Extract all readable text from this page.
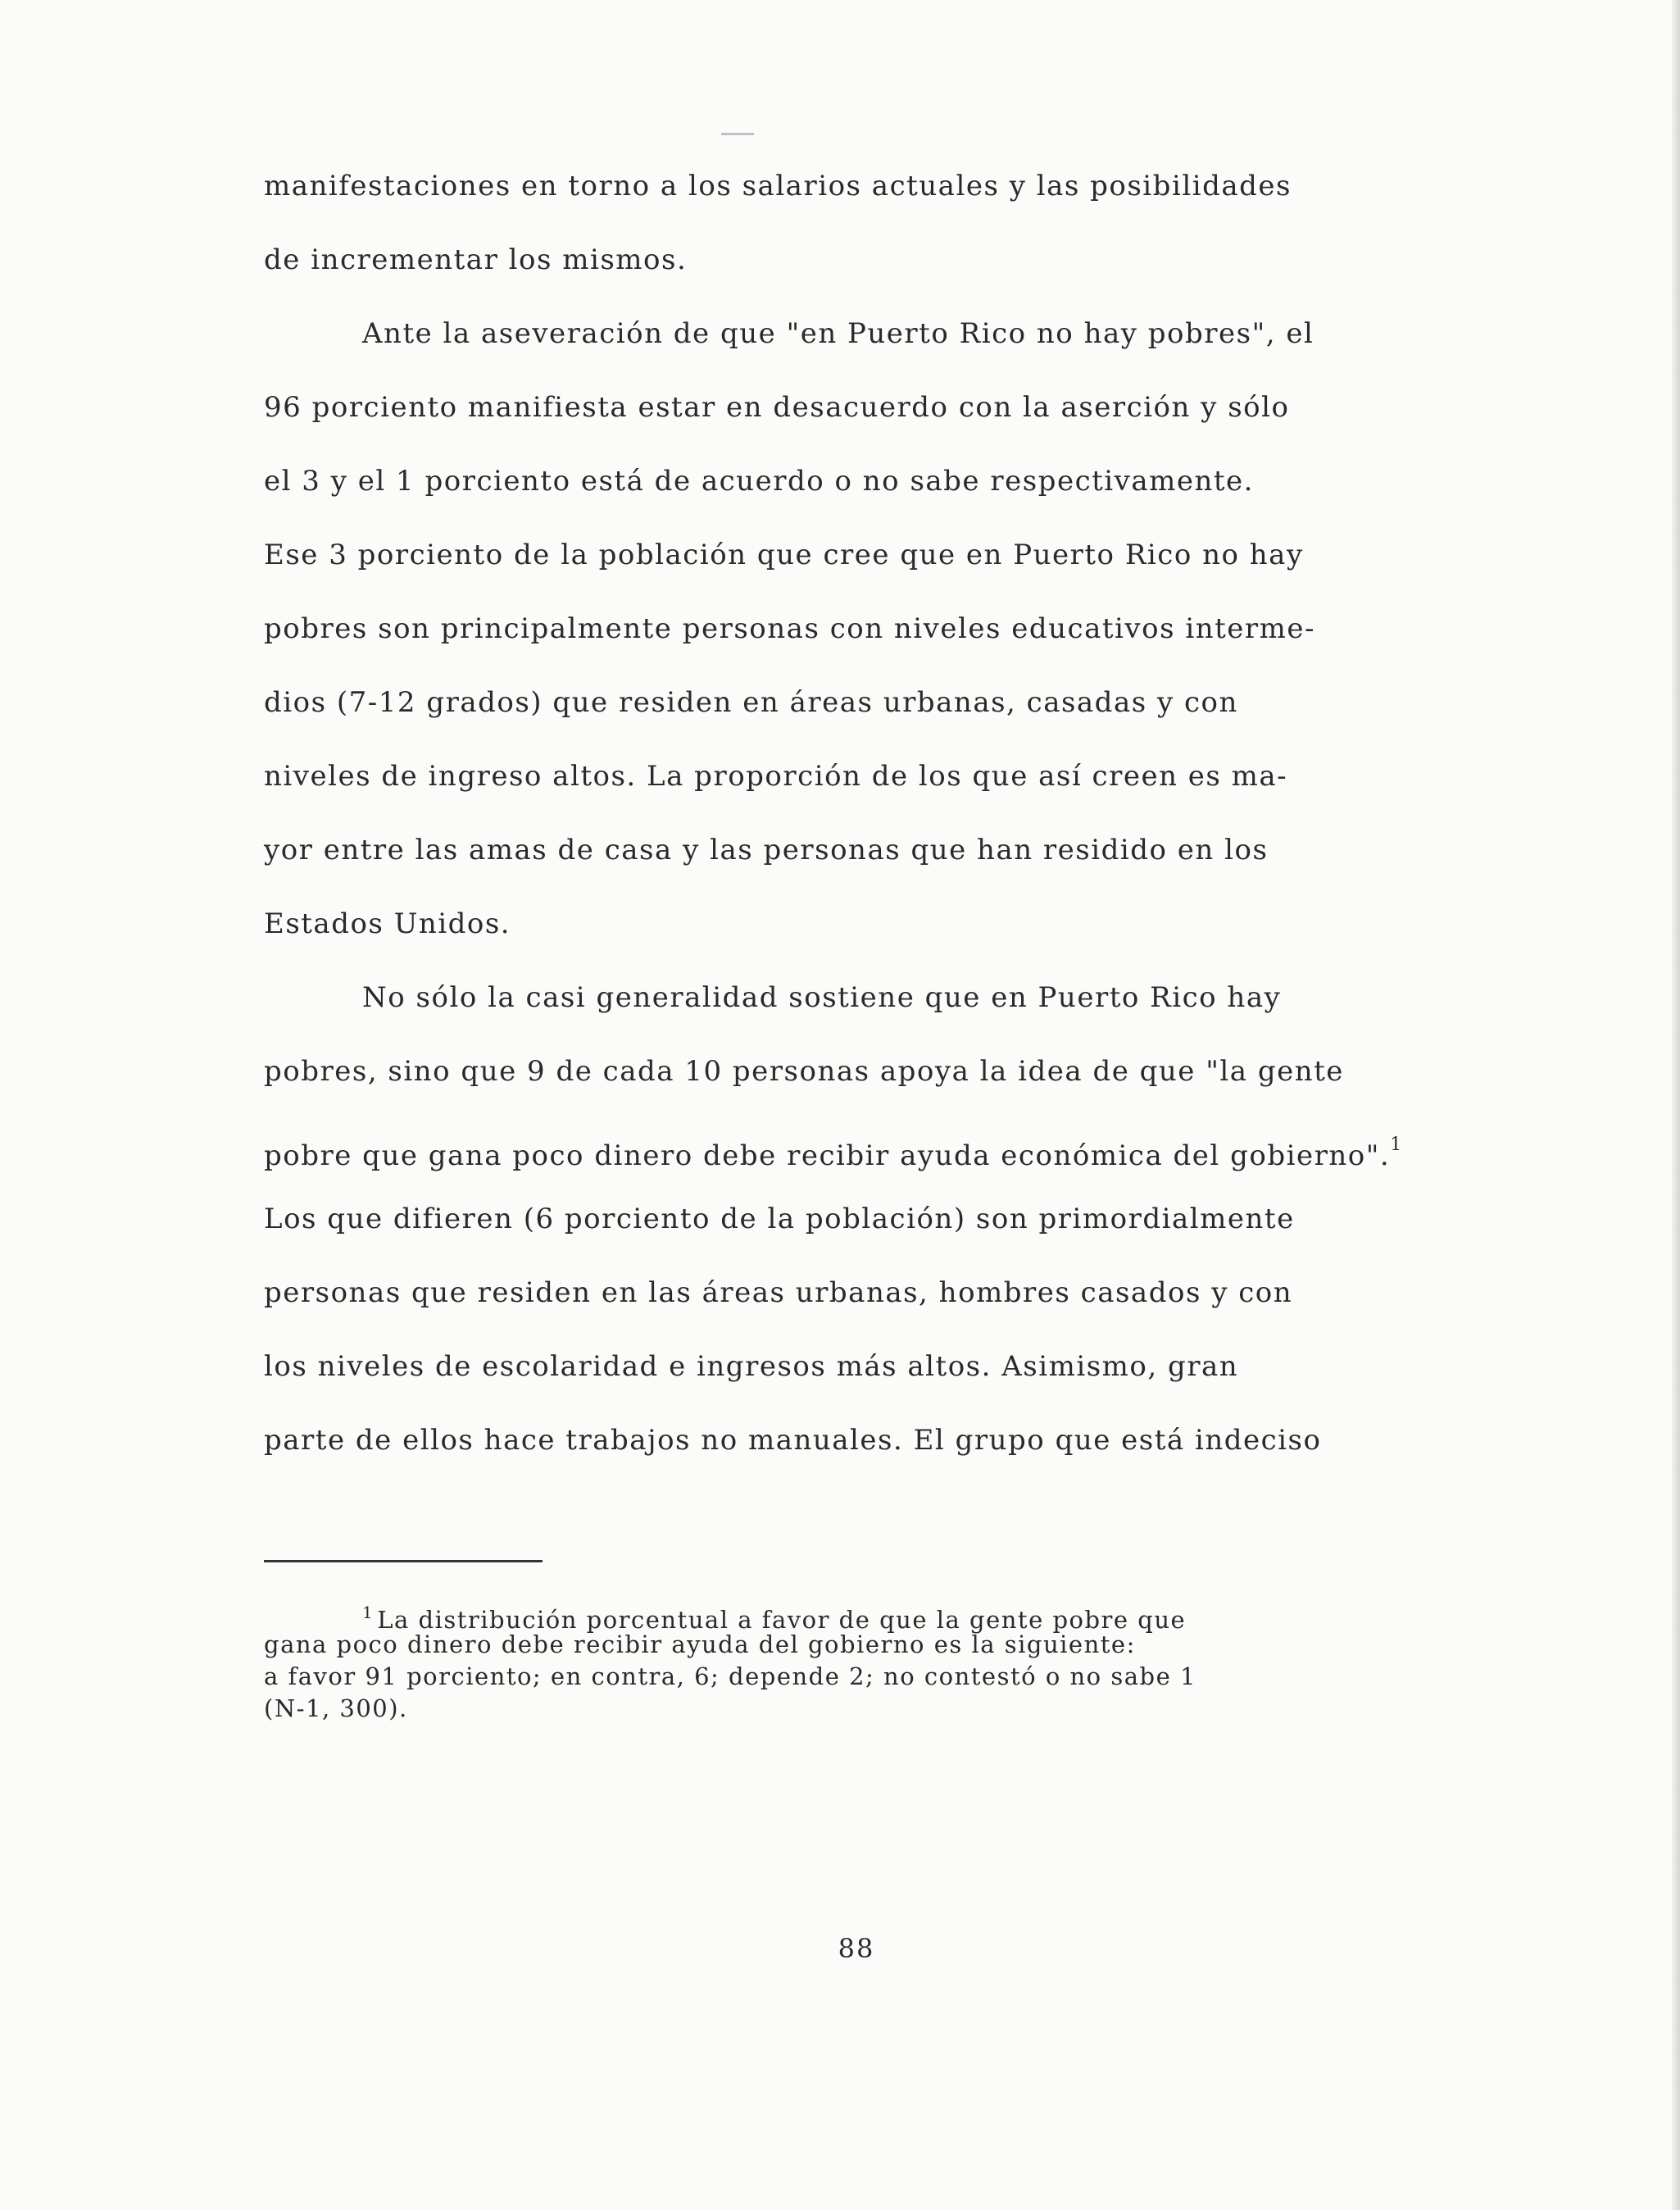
manifestaciones en torno a los salarios actuales y las posibilidades
de incrementar los mismos.
Ante la aseveración de que "en Puerto Rico no hay pobres", el
96 porciento manifiesta estar en desacuerdo con la aserción y sólo
el 3 y el 1 porciento está de acuerdo o no sabe respectivamente.
Ese 3 porciento de la población que cree que en Puerto Rico no hay
pobres son principalmente personas con niveles educativos interme-
dios (7-12 grados) que residen en áreas urbanas, casadas y con
niveles de ingreso altos. La proporción de los que así creen es ma-
yor entre las amas de casa y las personas que han residido en los
Estados Unidos.
No sólo la casi generalidad sostiene que en Puerto Rico hay
pobres, sino que 9 de cada 10 personas apoya la idea de que "la gente
pobre que gana poco dinero debe recibir ayuda económica del gobierno".$^1$
Los que difieren (6 porciento de la población) son primordialmente
personas que residen en las áreas urbanas, hombres casados y con
los niveles de escolaridad e ingresos más altos. Asimismo, gran
parte de ellos hace trabajos no manuales. El grupo que está indeciso
$^1$ La distribución porcentual a favor de que la gente pobre que
gana poco dinero debe recibir ayuda del gobierno es la siguiente:
a favor 91 porciento; en contra, 6; depende 2; no contestó o no sabe 1
(N-1, 300).
88
